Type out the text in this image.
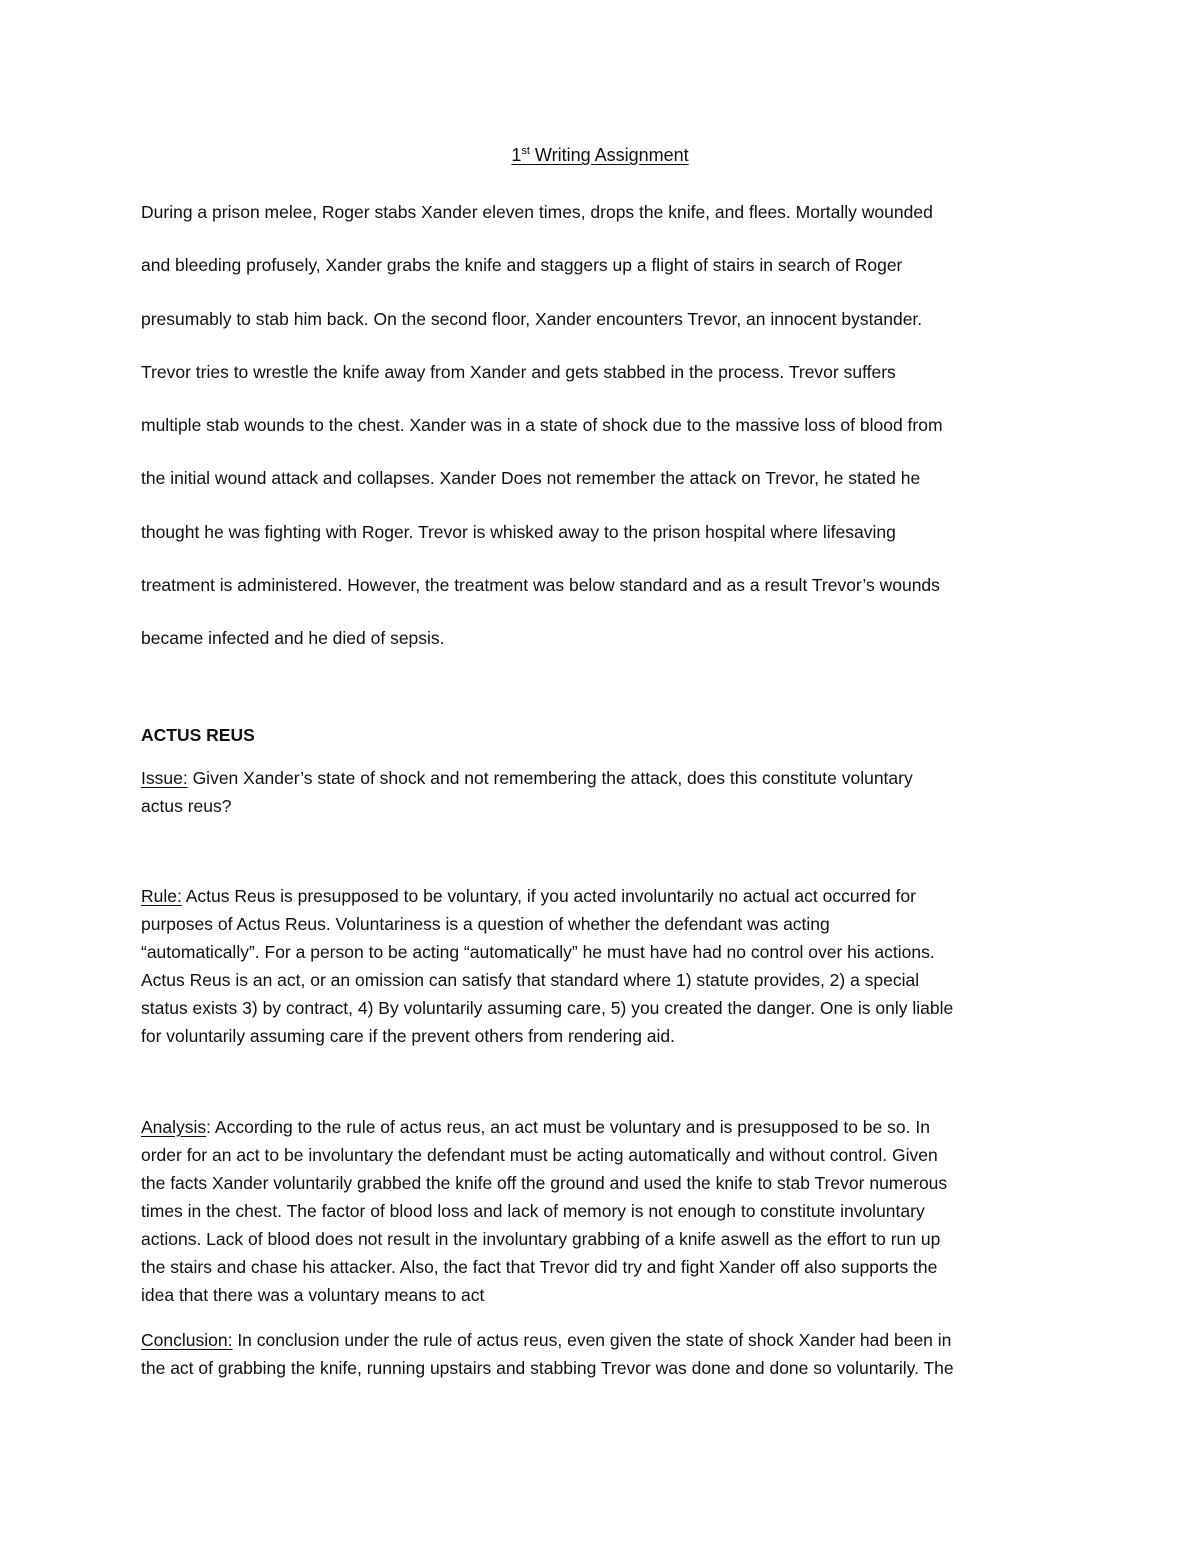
1st Writing Assignment

During a prison melee, Roger stabs Xander eleven times, drops the knife, and flees. Mortally wounded
and bleeding profusely, Xander grabs the knife and staggers up a flight of stairs in search of Roger
presumably to stab him back. On the second floor, Xander encounters Trevor, an innocent bystander.
Trevor tries to wrestle the knife away from Xander and gets stabbed in the process. Trevor suffers
multiple stab wounds to the chest. Xander was in a state of shock due to the massive loss of blood from
the initial wound attack and collapses. Xander Does not remember the attack on Trevor, he stated he
thought he was fighting with Roger. Trevor is whisked away to the prison hospital where lifesaving
treatment is administered. However, the treatment was below standard and as a result Trevor’s wounds
became infected and he died of sepsis.

ACTUS REUS

Issue: Given Xander’s state of shock and not remembering the attack, does this constitute voluntary
actus reus?

Rule: Actus Reus is presupposed to be voluntary, if you acted involuntarily no actual act occurred for
purposes of Actus Reus. Voluntariness is a question of whether the defendant was acting
“automatically”. For a person to be acting “automatically” he must have had no control over his actions.
Actus Reus is an act, or an omission can satisfy that standard where 1) statute provides, 2) a special
status exists 3) by contract, 4) By voluntarily assuming care, 5) you created the danger. One is only liable
for voluntarily assuming care if the prevent others from rendering aid.

Analysis: According to the rule of actus reus, an act must be voluntary and is presupposed to be so. In
order for an act to be involuntary the defendant must be acting automatically and without control. Given
the facts Xander voluntarily grabbed the knife off the ground and used the knife to stab Trevor numerous
times in the chest. The factor of blood loss and lack of memory is not enough to constitute involuntary
actions. Lack of blood does not result in the involuntary grabbing of a knife aswell as the effort to run up
the stairs and chase his attacker. Also, the fact that Trevor did try and fight Xander off also supports the
idea that there was a voluntary means to act

Conclusion: In conclusion under the rule of actus reus, even given the state of shock Xander had been in
the act of grabbing the knife, running upstairs and stabbing Trevor was done and done so voluntarily. The
